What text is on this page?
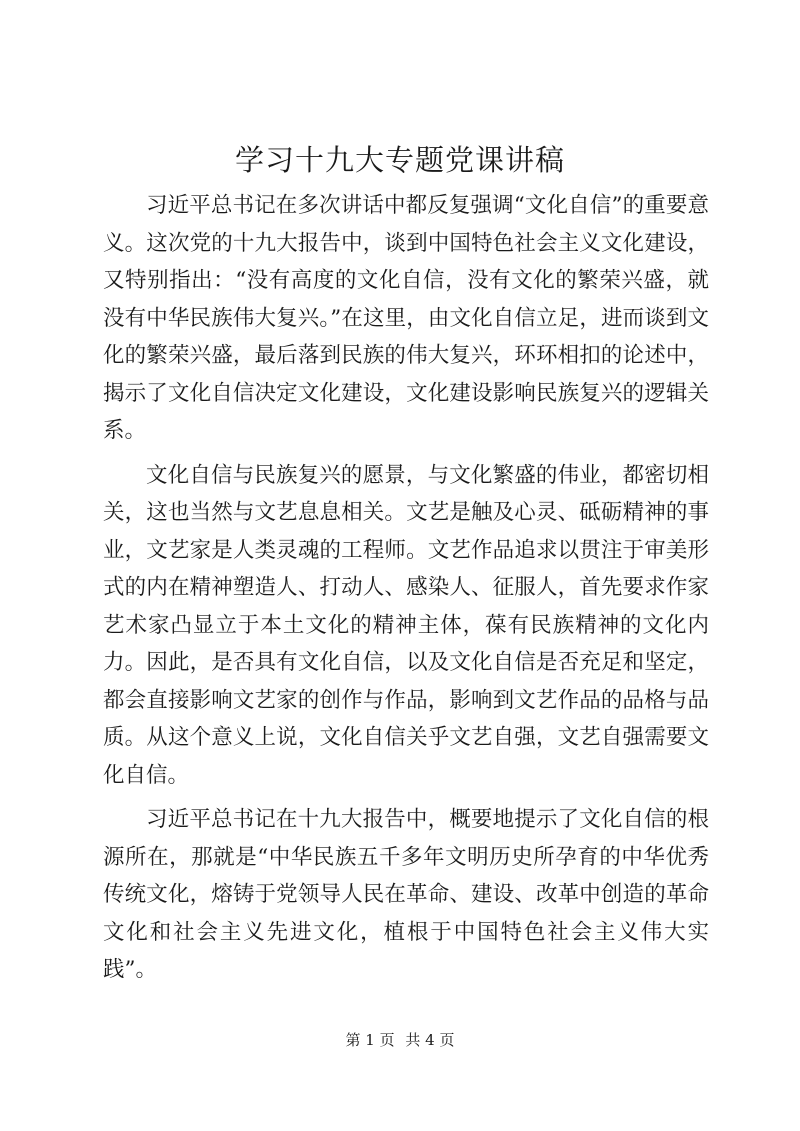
学习十九大专题党课讲稿

习近平总书记在多次讲话中都反复强调“文化自信”的重要意义。这次党的十九大报告中，谈到中国特色社会主义文化建设，又特别指出：“没有高度的文化自信，没有文化的繁荣兴盛，就没有中华民族伟大复兴。”在这里，由文化自信立足，进而谈到文化的繁荣兴盛，最后落到民族的伟大复兴，环环相扣的论述中，揭示了文化自信决定文化建设，文化建设影响民族复兴的逻辑关系。

文化自信与民族复兴的愿景，与文化繁盛的伟业，都密切相关，这也当然与文艺息息相关。文艺是触及心灵、砥砺精神的事业，文艺家是人类灵魂的工程师。文艺作品追求以贯注于审美形式的内在精神塑造人、打动人、感染人、征服人，首先要求作家艺术家凸显立于本土文化的精神主体，葆有民族精神的文化内力。因此，是否具有文化自信，以及文化自信是否充足和坚定，都会直接影响文艺家的创作与作品，影响到文艺作品的品格与品质。从这个意义上说，文化自信关乎文艺自强，文艺自强需要文化自信。

习近平总书记在十九大报告中，概要地提示了文化自信的根源所在，那就是“中华民族五千多年文明历史所孕育的中华优秀传统文化，熔铸于党领导人民在革命、建设、改革中创造的革命文化和社会主义先进文化，植根于中国特色社会主义伟大实践”。

第 1 页 共 4 页
